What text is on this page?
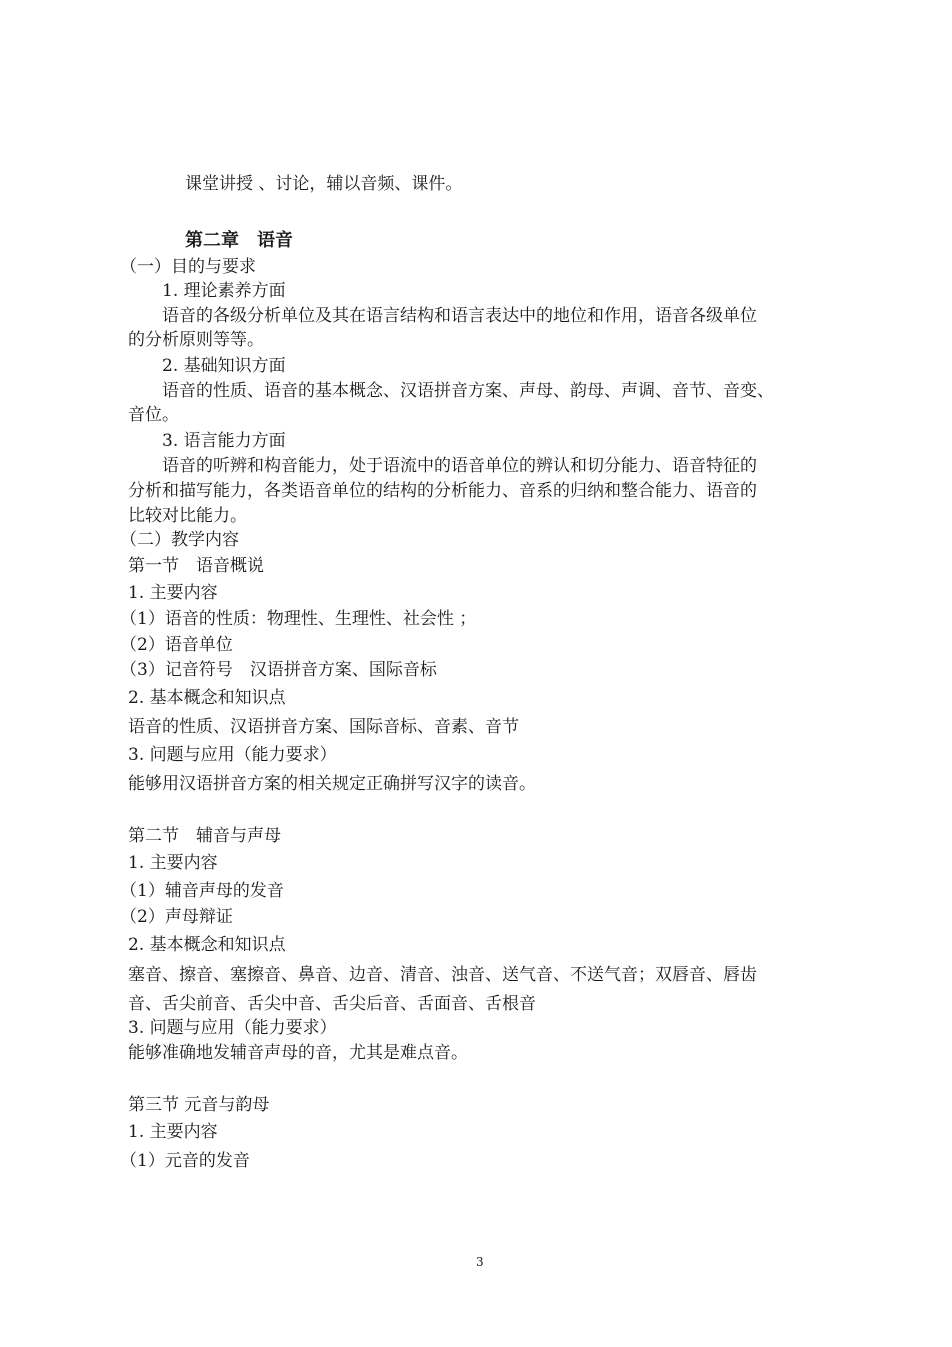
课堂讲授 、讨论，辅以音频、课件。
第二章　语音
（一）目的与要求
1. 理论素养方面
语音的各级分析单位及其在语言结构和语言表达中的地位和作用，语音各级单位
的分析原则等等。
2. 基础知识方面
语音的性质、语音的基本概念、汉语拼音方案、声母、韵母、声调、音节、音变、
音位。
3. 语言能力方面
语音的听辨和构音能力，处于语流中的语音单位的辨认和切分能力、语音特征的
分析和描写能力，各类语音单位的结构的分析能力、音系的归纳和整合能力、语音的
比较对比能力。
（二）教学内容
第一节　语音概说
1. 主要内容
（1）语音的性质：物理性、生理性、社会性 ；
（2）语音单位
（3）记音符号　汉语拼音方案、国际音标
2. 基本概念和知识点
语音的性质、汉语拼音方案、国际音标、音素、音节
3. 问题与应用（能力要求）
能够用汉语拼音方案的相关规定正确拼写汉字的读音。
第二节　辅音与声母
1. 主要内容
（1）辅音声母的发音
（2）声母辩证
2. 基本概念和知识点
塞音、擦音、塞擦音、鼻音、边音、清音、浊音、送气音、不送气音；双唇音、唇齿
音、舌尖前音、舌尖中音、舌尖后音、舌面音、舌根音
3. 问题与应用（能力要求）
能够准确地发辅音声母的音，尤其是难点音。
第三节 元音与韵母
1. 主要内容
（1）元音的发音
3
